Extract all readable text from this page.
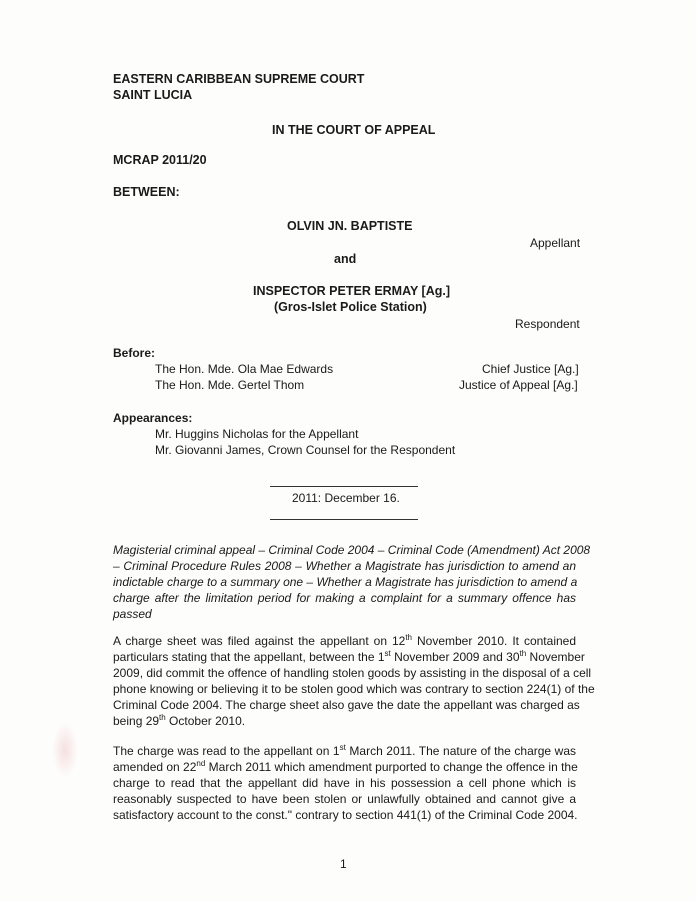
EASTERN CARIBBEAN SUPREME COURT
SAINT LUCIA
IN THE COURT OF APPEAL
MCRAP 2011/20
BETWEEN:
OLVIN JN. BAPTISTE
Appellant
and
INSPECTOR PETER ERMAY [Ag.]
(Gros-Islet Police Station)
Respondent
Before:
The Hon. Mde. Ola Mae Edwards	Chief Justice [Ag.]
The Hon. Mde. Gertel Thom	Justice of Appeal [Ag.]
Appearances:
Mr. Huggins Nicholas for the Appellant
Mr. Giovanni James, Crown Counsel for the Respondent
2011: December 16.
Magisterial criminal appeal – Criminal Code 2004 – Criminal Code (Amendment) Act 2008
– Criminal Procedure Rules 2008 – Whether a Magistrate has jurisdiction to amend an
indictable charge to a summary one – Whether a Magistrate has jurisdiction to amend a
charge after the limitation period for making a complaint for a summary offence has
passed
A charge sheet was filed against the appellant on 12th November 2010. It contained
particulars stating that the appellant, between the 1st November 2009 and 30th November
2009, did commit the offence of handling stolen goods by assisting in the disposal of a cell
phone knowing or believing it to be stolen good which was contrary to section 224(1) of the
Criminal Code 2004. The charge sheet also gave the date the appellant was charged as
being 29th October 2010.
The charge was read to the appellant on 1st March 2011. The nature of the charge was
amended on 22nd March 2011 which amendment purported to change the offence in the
charge to read that the appellant did have in his possession a cell phone which is
reasonably suspected to have been stolen or unlawfully obtained and cannot give a
satisfactory account to the const." contrary to section 441(1) of the Criminal Code 2004.
1
